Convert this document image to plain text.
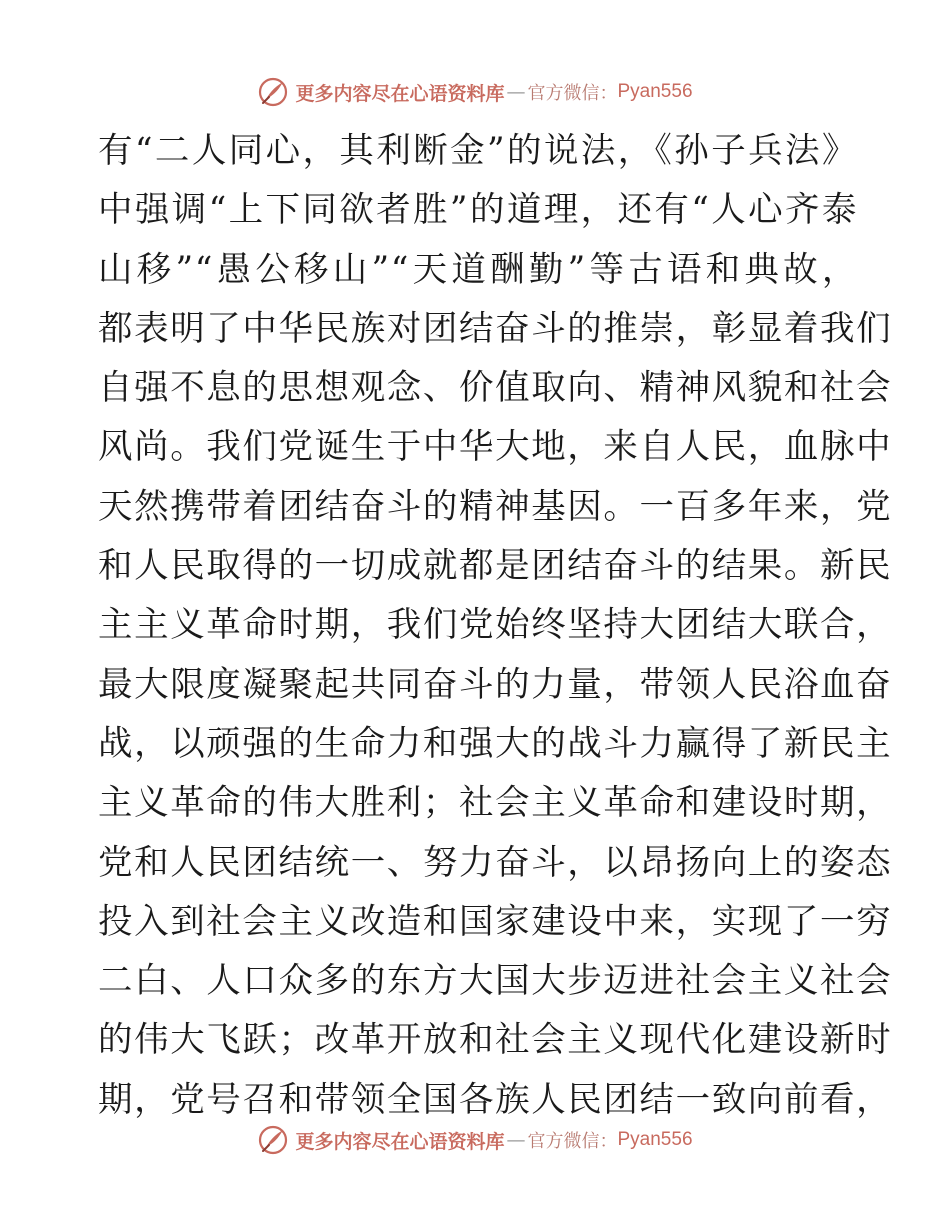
更多内容尽在心语资料库 — 官方微信： Pyan556
有“二人同心，其利断金”的说法，《孙子兵法》
中强调“上下同欲者胜”的道理，还有“人心齐泰
山移”“愚公移山”“天道酬勤”等古语和典故，
都表明了中华民族对团结奋斗的推崇，彰显着我们
自强不息的思想观念、价值取向、精神风貌和社会
风尚。我们党诞生于中华大地，来自人民，血脉中
天然携带着团结奋斗的精神基因。一百多年来，党
和人民取得的一切成就都是团结奋斗的结果。新民
主主义革命时期，我们党始终坚持大团结大联合，
最大限度凝聚起共同奋斗的力量，带领人民浴血奋
战，以顽强的生命力和强大的战斗力赢得了新民主
主义革命的伟大胜利；社会主义革命和建设时期，
党和人民团结统一、努力奋斗，以昂扬向上的姿态
投入到社会主义改造和国家建设中来，实现了一穷
二白、人口众多的东方大国大步迈进社会主义社会
的伟大飞跃；改革开放和社会主义现代化建设新时
期，党号召和带领全国各族人民团结一致向前看，
更多内容尽在心语资料库 — 官方微信： Pyan556
